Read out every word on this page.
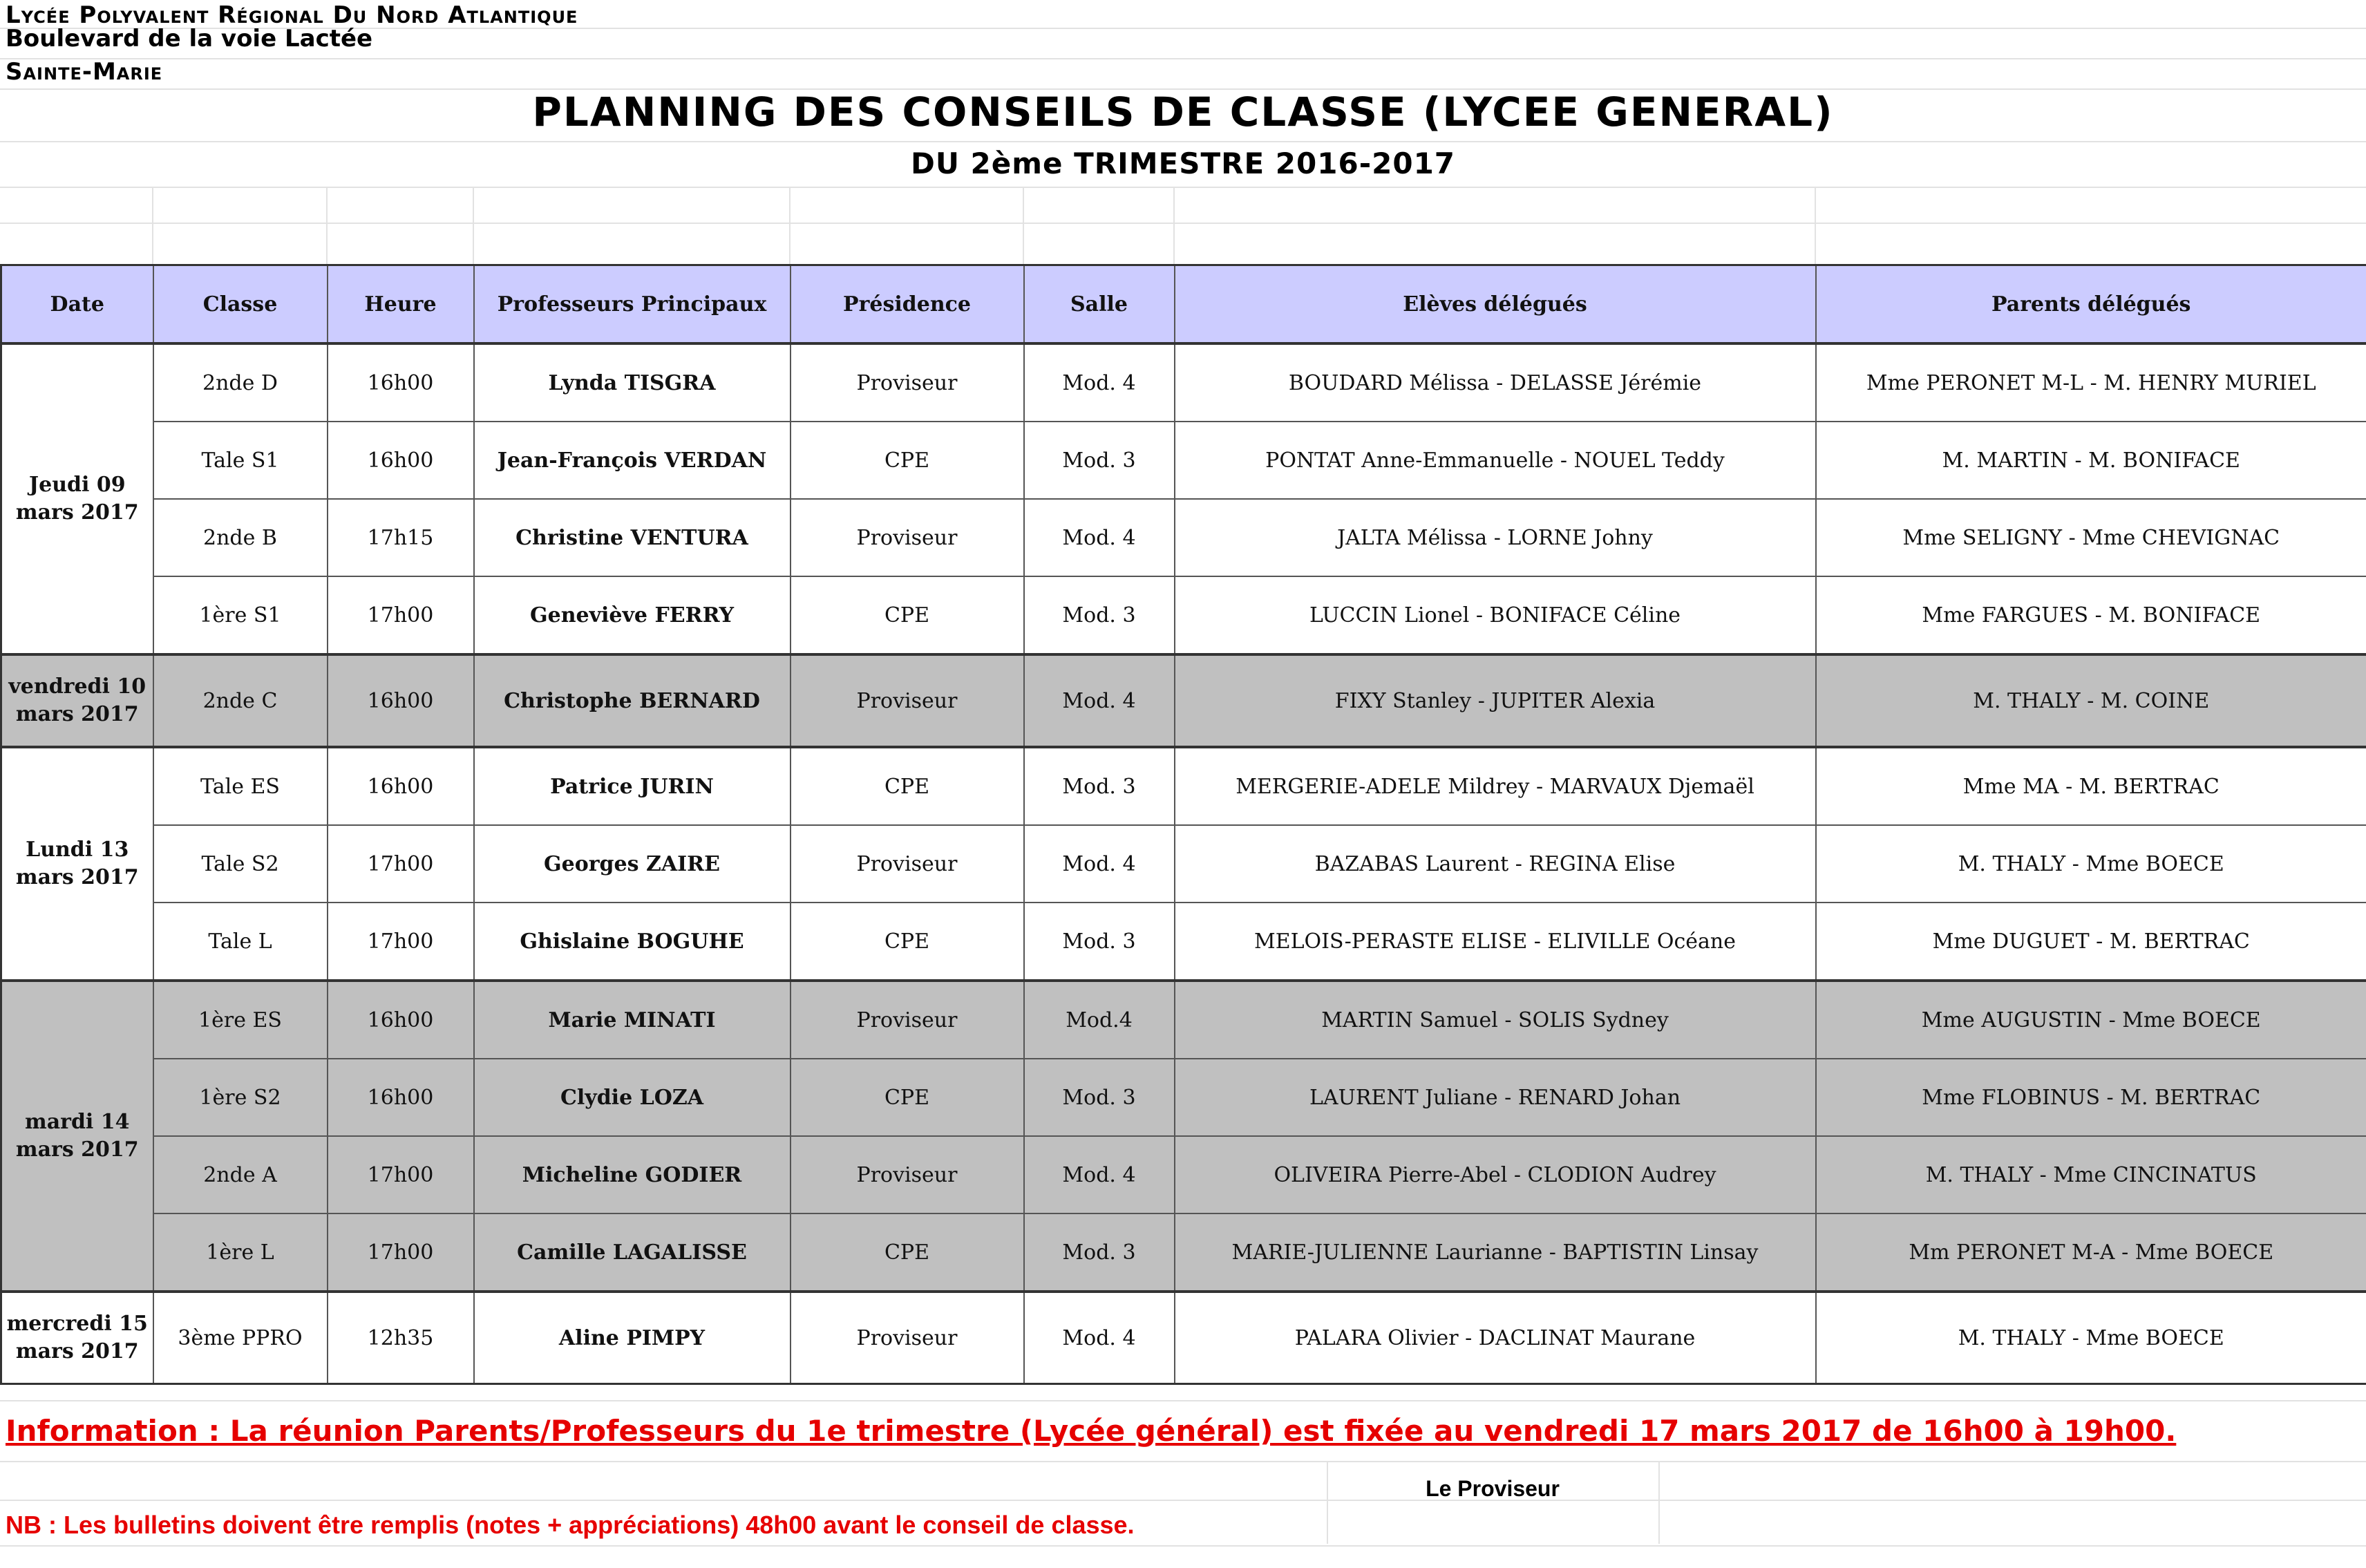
Lycée Polyvalent Régional Du Nord Atlantique
Boulevard de la voie Lactée
Sainte-Marie
PLANNING DES CONSEILS DE CLASSE (LYCEE GENERAL)
DU 2ème TRIMESTRE 2016-2017
Date	Classe	Heure	Professeurs Principaux	Présidence	Salle	Elèves délégués	Parents délégués
Jeudi 09 mars 2017	2nde D	16h00	Lynda TISGRA	Proviseur	Mod. 4	BOUDARD Mélissa - DELASSE Jérémie	Mme PERONET M-L - M. HENRY MURIEL
	Tale S1	16h00	Jean-François VERDAN	CPE	Mod. 3	PONTAT Anne-Emmanuelle - NOUEL Teddy	M. MARTIN - M. BONIFACE
	2nde B	17h15	Christine VENTURA	Proviseur	Mod. 4	JALTA Mélissa - LORNE Johny	Mme SELIGNY - Mme CHEVIGNAC
	1ère S1	17h00	Geneviève FERRY	CPE	Mod. 3	LUCCIN Lionel - BONIFACE Céline	Mme FARGUES - M. BONIFACE
vendredi 10 mars 2017	2nde C	16h00	Christophe BERNARD	Proviseur	Mod. 4	FIXY Stanley - JUPITER Alexia	M. THALY - M. COINE
Lundi 13 mars 2017	Tale ES	16h00	Patrice JURIN	CPE	Mod. 3	MERGERIE-ADELE Mildrey - MARVAUX Djemaël	Mme MA - M. BERTRAC
	Tale S2	17h00	Georges ZAIRE	Proviseur	Mod. 4	BAZABAS Laurent - REGINA Elise	M. THALY - Mme BOECE
	Tale L	17h00	Ghislaine BOGUHE	CPE	Mod. 3	MELOIS-PERASTE ELISE - ELIVILLE Océane	Mme DUGUET - M. BERTRAC
mardi 14 mars 2017	1ère ES	16h00	Marie MINATI	Proviseur	Mod.4	MARTIN Samuel - SOLIS Sydney	Mme AUGUSTIN - Mme BOECE
	1ère S2	16h00	Clydie LOZA	CPE	Mod. 3	LAURENT Juliane - RENARD Johan	Mme FLOBINUS - M. BERTRAC
	2nde A	17h00	Micheline GODIER	Proviseur	Mod. 4	OLIVEIRA Pierre-Abel - CLODION Audrey	M. THALY - Mme CINCINATUS
	1ère L	17h00	Camille LAGALISSE	CPE	Mod. 3	MARIE-JULIENNE Laurianne - BAPTISTIN Linsay	Mm PERONET M-A - Mme BOECE
mercredi 15 mars 2017	3ème PPRO	12h35	Aline PIMPY	Proviseur	Mod. 4	PALARA Olivier - DACLINAT Maurane	M. THALY - Mme BOECE
Information : La réunion Parents/Professeurs du 1e trimestre (Lycée général) est fixée au vendredi 17 mars 2017 de 16h00 à 19h00.
Le Proviseur
NB : Les bulletins doivent être remplis (notes + appréciations) 48h00 avant le conseil de classe.
